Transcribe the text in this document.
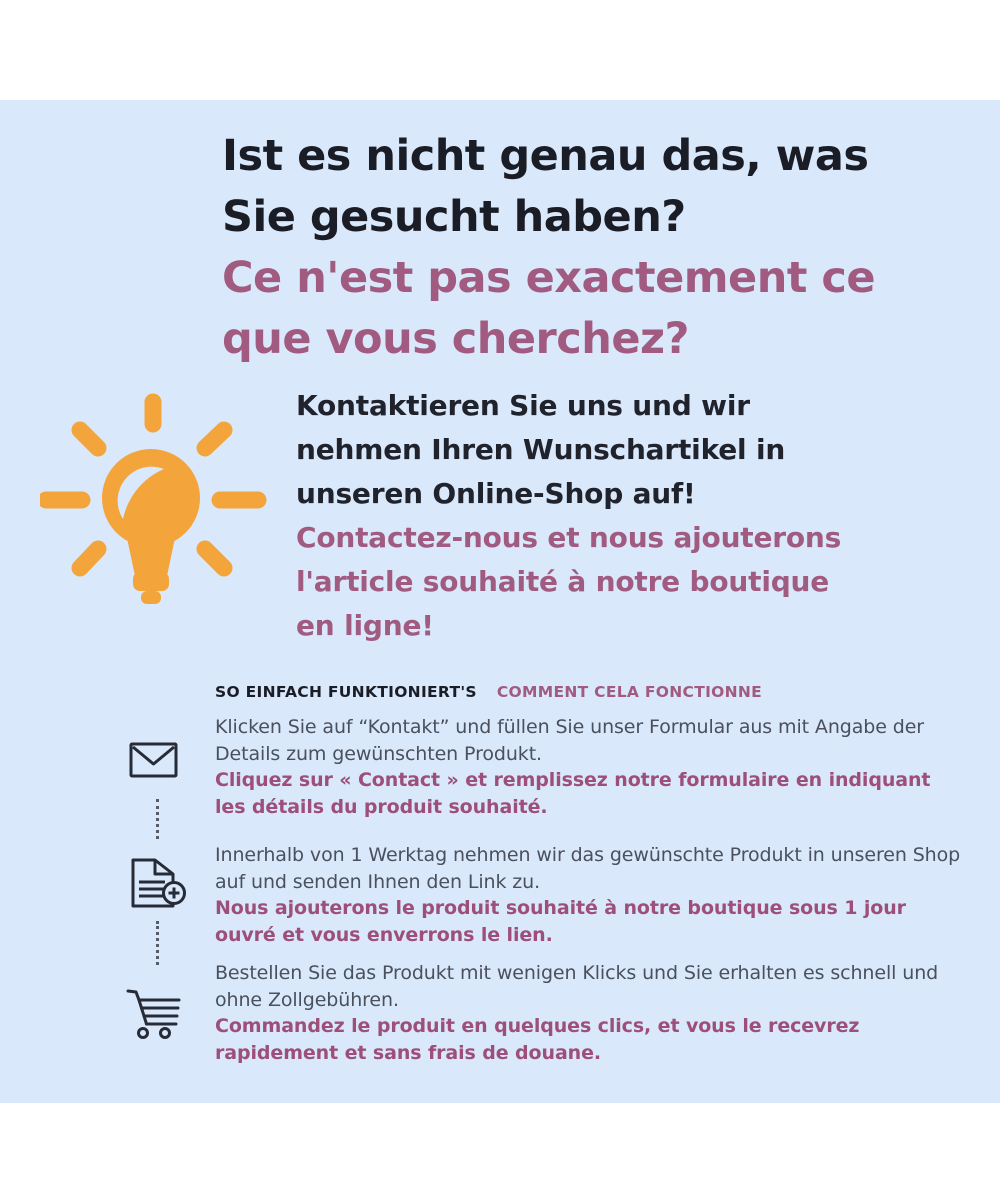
Ist es nicht genau das, was
Sie gesucht haben?
Ce n'est pas exactement ce
que vous cherchez?
Kontaktieren Sie uns und wir
nehmen Ihren Wunschartikel in
unseren Online-Shop auf!
Contactez-nous et nous ajouterons
l'article souhaité à notre boutique
en ligne!
SO EINFACH FUNKTIONIERT'S COMMENT CELA FONCTIONNE

Klicken Sie auf “Kontakt” und füllen Sie unser Formular aus mit Angabe der Details zum gewünschten Produkt.

Cliquez sur « Contact » et remplissez notre formulaire en indiquant les détails du produit souhaité.

Innerhalb von 1 Werktag nehmen wir das gewünschte Produkt in unseren Shop auf und senden Ihnen den Link zu.

Nous ajouterons le produit souhaité à notre boutique sous 1 jour ouvré et vous enverrons le lien.

Bestellen Sie das Produkt mit wenigen Klicks und Sie erhalten es schnell und ohne Zollgebühren.

Commandez le produit en quelques clics, et vous le recevrez rapidement et sans frais de douane.
